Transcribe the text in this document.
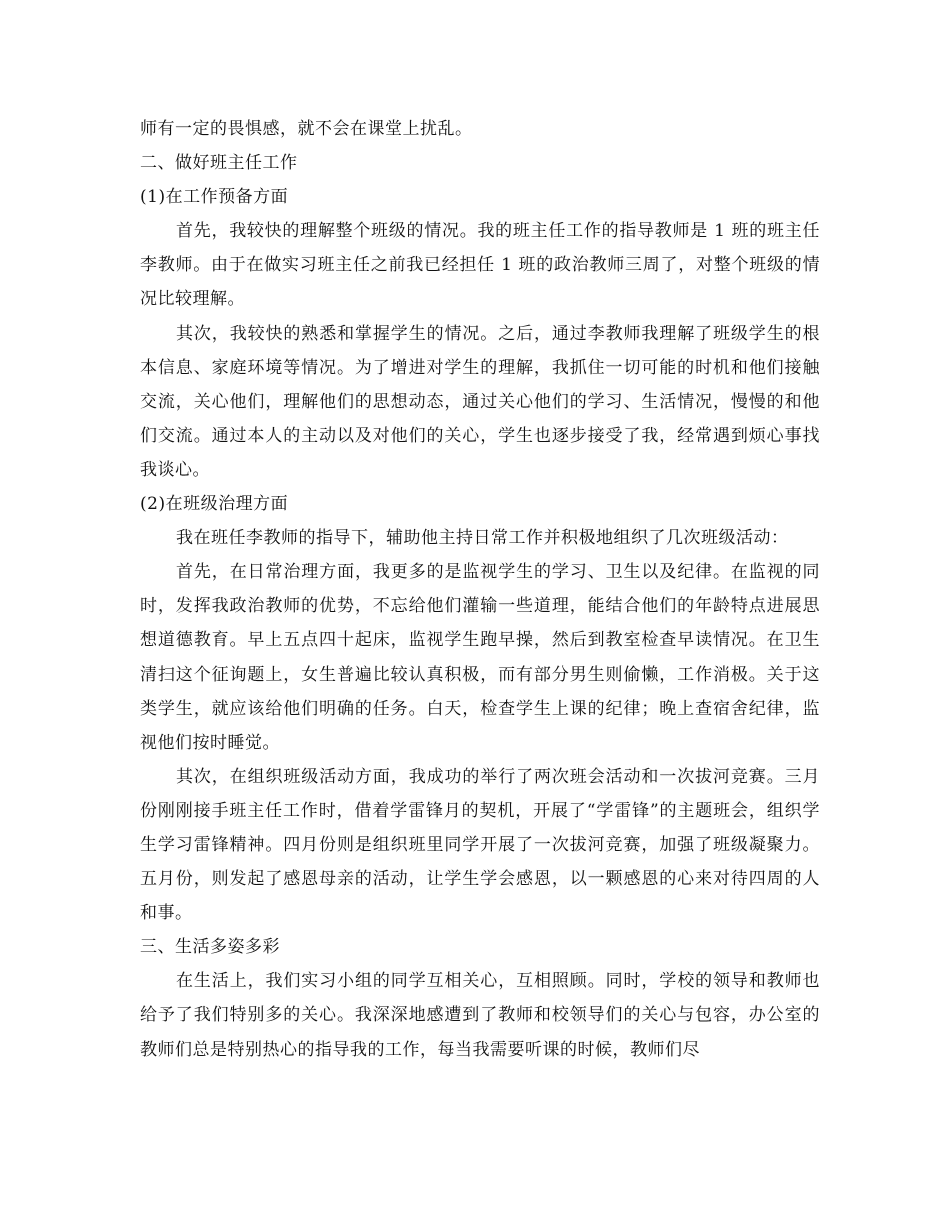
师有一定的畏惧感，就不会在课堂上扰乱。

二、做好班主任工作

(1)在工作预备方面

首先，我较快的理解整个班级的情况。我的班主任工作的指导教师是 1 班的班主任李教师。由于在做实习班主任之前我已经担任 1 班的政治教师三周了，对整个班级的情况比较理解。

其次，我较快的熟悉和掌握学生的情况。之后，通过李教师我理解了班级学生的根本信息、家庭环境等情况。为了增进对学生的理解，我抓住一切可能的时机和他们接触交流，关心他们，理解他们的思想动态，通过关心他们的学习、生活情况，慢慢的和他们交流。通过本人的主动以及对他们的关心，学生也逐步接受了我，经常遇到烦心事找我谈心。

(2)在班级治理方面

我在班任李教师的指导下，辅助他主持日常工作并积极地组织了几次班级活动：

首先，在日常治理方面，我更多的是监视学生的学习、卫生以及纪律。在监视的同时，发挥我政治教师的优势，不忘给他们灌输一些道理，能结合他们的年龄特点进展思想道德教育。早上五点四十起床，监视学生跑早操，然后到教室检查早读情况。在卫生清扫这个征询题上，女生普遍比较认真积极，而有部分男生则偷懒，工作消极。关于这类学生，就应该给他们明确的任务。白天，检查学生上课的纪律；晚上查宿舍纪律，监视他们按时睡觉。

其次，在组织班级活动方面，我成功的举行了两次班会活动和一次拔河竞赛。三月份刚刚接手班主任工作时，借着学雷锋月的契机，开展了“学雷锋”的主题班会，组织学生学习雷锋精神。四月份则是组织班里同学开展了一次拔河竞赛，加强了班级凝聚力。五月份，则发起了感恩母亲的活动，让学生学会感恩，以一颗感恩的心来对待四周的人和事。

三、生活多姿多彩

在生活上，我们实习小组的同学互相关心，互相照顾。同时，学校的领导和教师也给予了我们特别多的关心。我深深地感遭到了教师和校领导们的关心与包容，办公室的教师们总是特别热心的指导我的工作，每当我需要听课的时候，教师们尽
